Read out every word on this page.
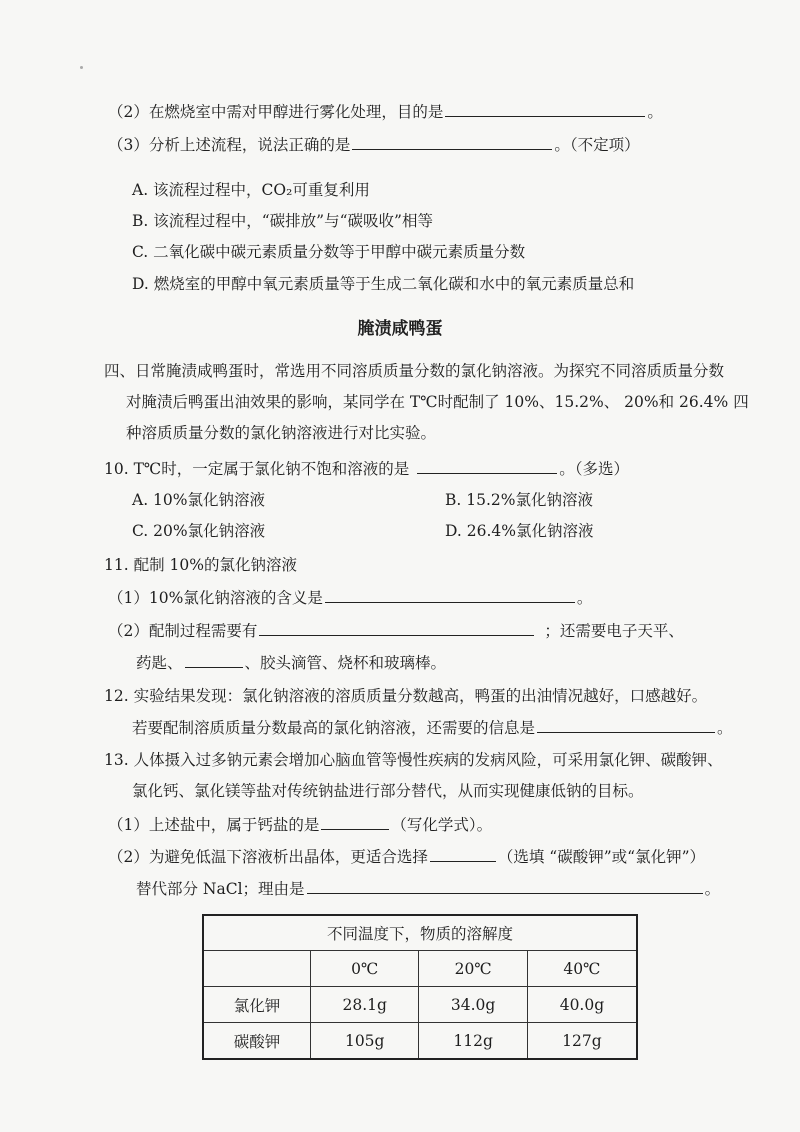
（2）在燃烧室中需对甲醇进行雾化处理，目的是	。
（3）分析上述流程，说法正确的是	。（不定项）
A. 该流程过程中，CO₂可重复利用
B. 该流程过程中，“碳排放”与“碳吸收”相等
C. 二氧化碳中碳元素质量分数等于甲醇中碳元素质量分数
D. 燃烧室的甲醇中氧元素质量等于生成二氧化碳和水中的氧元素质量总和
腌渍咸鸭蛋
四、日常腌渍咸鸭蛋时，常选用不同溶质质量分数的氯化钠溶液。为探究不同溶质质量分数
对腌渍后鸭蛋出油效果的影响，某同学在 T℃时配制了 10%、15.2%、 20%和 26.4% 四
种溶质质量分数的氯化钠溶液进行对比实验。
10. T℃时，一定属于氯化钠不饱和溶液的是	。（多选）
A. 10%氯化钠溶液	B. 15.2%氯化钠溶液
C. 20%氯化钠溶液	D. 26.4%氯化钠溶液
11. 配制 10%的氯化钠溶液
（1）10%氯化钠溶液的含义是	。
（2）配制过程需要有	；还需要电子天平、
药匙、	、胶头滴管、烧杯和玻璃棒。
12. 实验结果发现：氯化钠溶液的溶质质量分数越高，鸭蛋的出油情况越好，口感越好。
若要配制溶质质量分数最高的氯化钠溶液，还需要的信息是	。
13. 人体摄入过多钠元素会增加心脑血管等慢性疾病的发病风险，可采用氯化钾、碳酸钾、
氯化钙、氯化镁等盐对传统钠盐进行部分替代，从而实现健康低钠的目标。
（1）上述盐中，属于钙盐的是	（写化学式）。
（2）为避免低温下溶液析出晶体，更适合选择	（选填 “碳酸钾”或“氯化钾”）
替代部分 NaCl；理由是	。
不同温度下，物质的溶解度			
	0℃	20℃	40℃
氯化钾	28.1g	34.0g	40.0g
碳酸钾	105g	112g	127g
